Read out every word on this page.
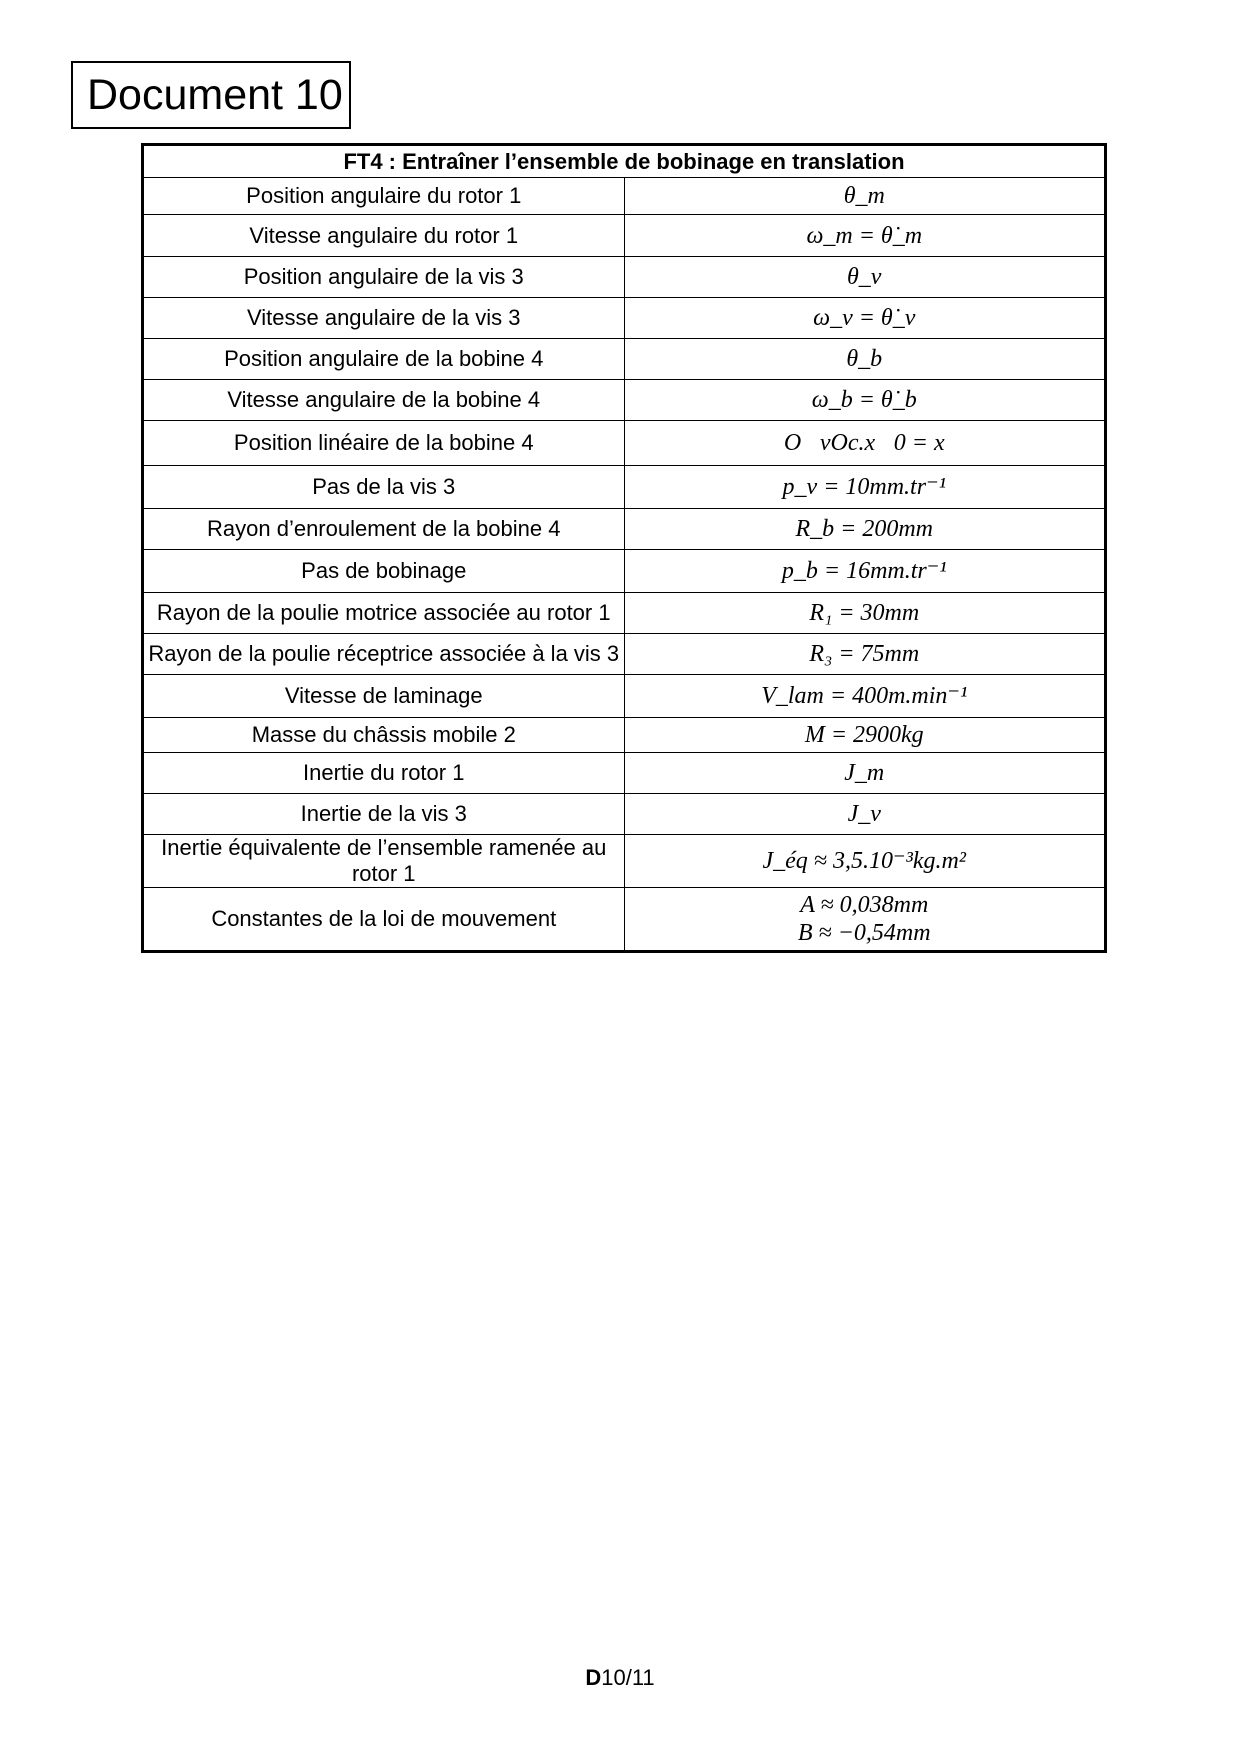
Document 10
FT4 : Entraîner l’ensemble de bobinage en translation	
Position angulaire du rotor 1	θ_m
Vitesse angulaire du rotor 1	ω_m = θ̇_m
Position angulaire de la vis 3	θ_v
Vitesse angulaire de la vis 3	ω_v = θ̇_v
Position angulaire de la bobine 4	θ_b
Vitesse angulaire de la bobine 4	ω_b = θ̇_b
Position linéaire de la bobine 4	O⃗vOc.x⃗0 = x
Pas de la vis 3	p_v = 10mm.tr⁻¹
Rayon d’enroulement de la bobine 4	R_b = 200mm
Pas de bobinage	p_b = 16mm.tr⁻¹
Rayon de la poulie motrice associée au rotor 1	R₁ = 30mm
Rayon de la poulie réceptrice associée à la vis 3	R₃ = 75mm
Vitesse de laminage	V_lam = 400m.min⁻¹
Masse du châssis mobile 2	M = 2900kg
Inertie du rotor 1	J_m
Inertie de la vis 3	J_v
Inertie équivalente de l’ensemble ramenée au rotor 1	J_éq ≈ 3,5.10⁻³kg.m²
Constantes de la loi de mouvement	A ≈ 0,038mm
B ≈ −0,54mm
D10/11
